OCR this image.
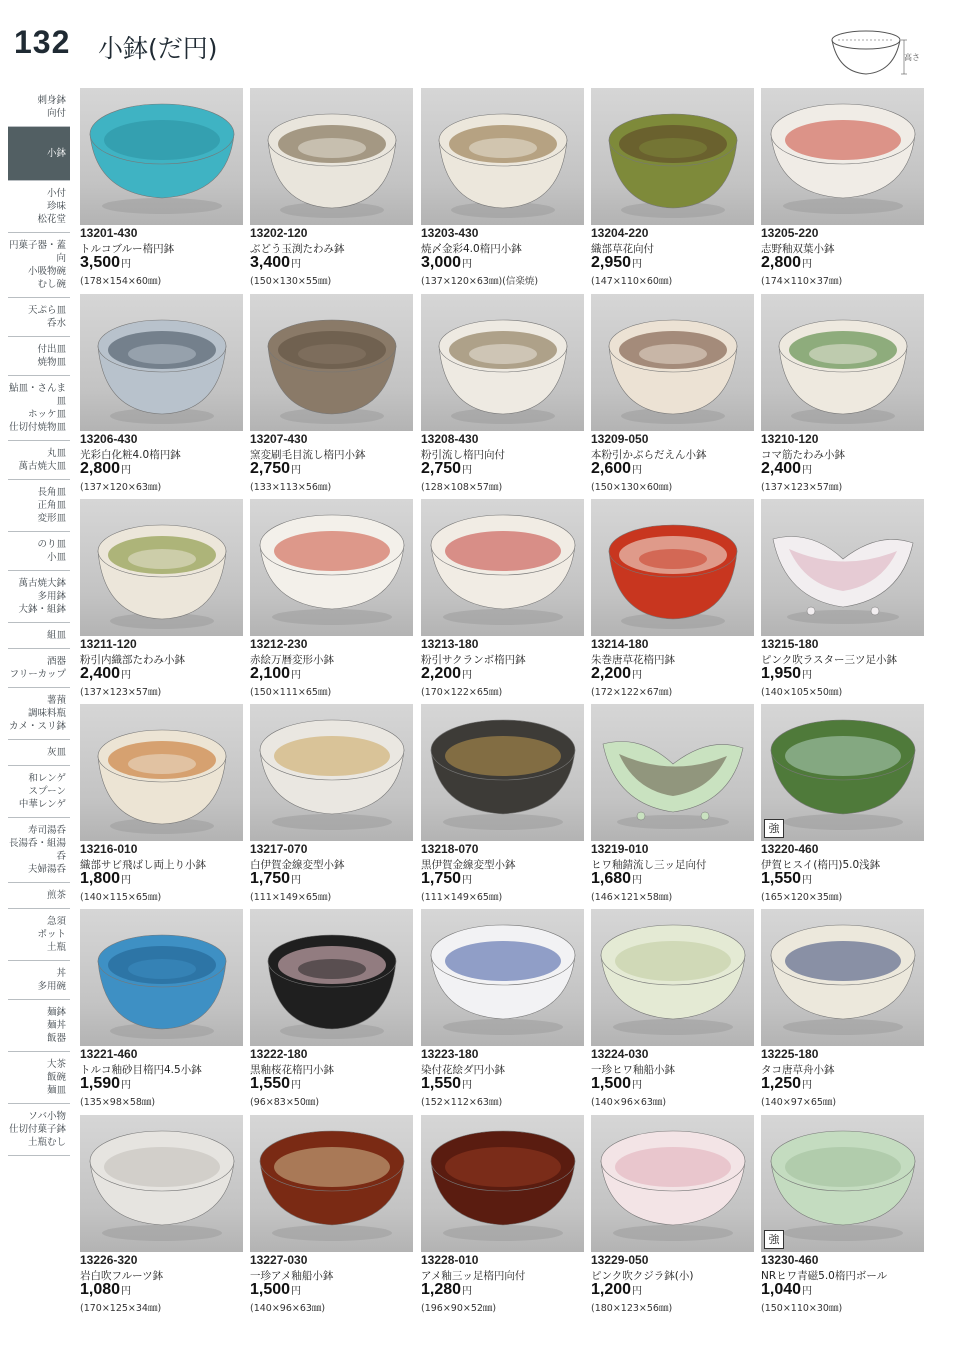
132 小鉢(だ円)	高さ
刺身鉢
向付
小鉢
小付
珍味
松花堂
円菓子器・蓋向
小吸物碗
むし碗
天ぷら皿
呑水
付出皿
焼物皿
鮎皿・さんま皿
ホッケ皿
仕切付焼物皿
丸皿
萬古焼大皿
長角皿
正角皿
変形皿
のり皿
小皿
萬古焼大鉢
多用鉢
大鉢・組鉢
組皿
酒器
フリーカップ
薯蕷
調味料瓶
カメ・スリ鉢
灰皿
和レンゲ
スプーン
中華レンゲ
寿司湯呑
長湯呑・組湯呑
夫婦湯呑
煎茶
急須
ポット
土瓶
丼
多用碗
麺鉢
麺丼
飯器
大茶
飯碗
麺皿
ソバ小物
仕切付菓子鉢
土瓶むし
13201-430
トルコブルー楕円鉢
3,500円
(178×154×60㎜)
13202-120
ぶどう玉渕たわみ鉢
3,400円
(150×130×55㎜)
13203-430
焼〆金彩4.0楕円小鉢
3,000円
(137×120×63㎜)(信楽焼)
13204-220
織部草花向付
2,950円
(147×110×60㎜)
13205-220
志野釉双葉小鉢
2,800円
(174×110×37㎜)
13206-430
光彩白化粧4.0楕円鉢
2,800円
(137×120×63㎜)
13207-430
窯変刷毛目流し楕円小鉢
2,750円
(133×113×56㎜)
13208-430
粉引流し楕円向付
2,750円
(128×108×57㎜)
13209-050
本粉引かぶらだえん小鉢
2,600円
(150×130×60㎜)
13210-120
コマ筋たわみ小鉢
2,400円
(137×123×57㎜)
13211-120
粉引内織部たわみ小鉢
2,400円
(137×123×57㎜)
13212-230
赤絵万暦変形小鉢
2,100円
(150×111×65㎜)
13213-180
粉引サクランボ楕円鉢
2,200円
(170×122×65㎜)
13214-180
朱巻唐草花楕円鉢
2,200円
(172×122×67㎜)
13215-180
ピンク吹ラスター三ツ足小鉢
1,950円
(140×105×50㎜)
13216-010
織部サビ飛ばし両上り小鉢
1,800円
(140×115×65㎜)
13217-070
白伊賀金線変型小鉢
1,750円
(111×149×65㎜)
13218-070
黒伊賀金線変型小鉢
1,750円
(111×149×65㎜)
13219-010
ヒワ釉錆流し三ッ足向付
1,680円
(146×121×58㎜)
強
13220-460
伊賀ヒスイ(楕円)5.0浅鉢
1,550円
(165×120×35㎜)
13221-460
トルコ釉砂目楕円4.5小鉢
1,590円
(135×98×58㎜)
13222-180
黒釉桜花楕円小鉢
1,550円
(96×83×50㎜)
13223-180
染付花絵ダ円小鉢
1,550円
(152×112×63㎜)
13224-030
一珍ヒワ釉船小鉢
1,500円
(140×96×63㎜)
13225-180
タコ唐草舟小鉢
1,250円
(140×97×65㎜)
13226-320
岩白吹フルーツ鉢
1,080円
(170×125×34㎜)
13227-030
一珍アメ釉船小鉢
1,500円
(140×96×63㎜)
13228-010
アメ釉三ッ足楕円向付
1,280円
(196×90×52㎜)
13229-050
ピンク吹クジラ鉢(小)
1,200円
(180×123×56㎜)
強
13230-460
NRヒワ青磁5.0楕円ボール
1,040円
(150×110×30㎜)
